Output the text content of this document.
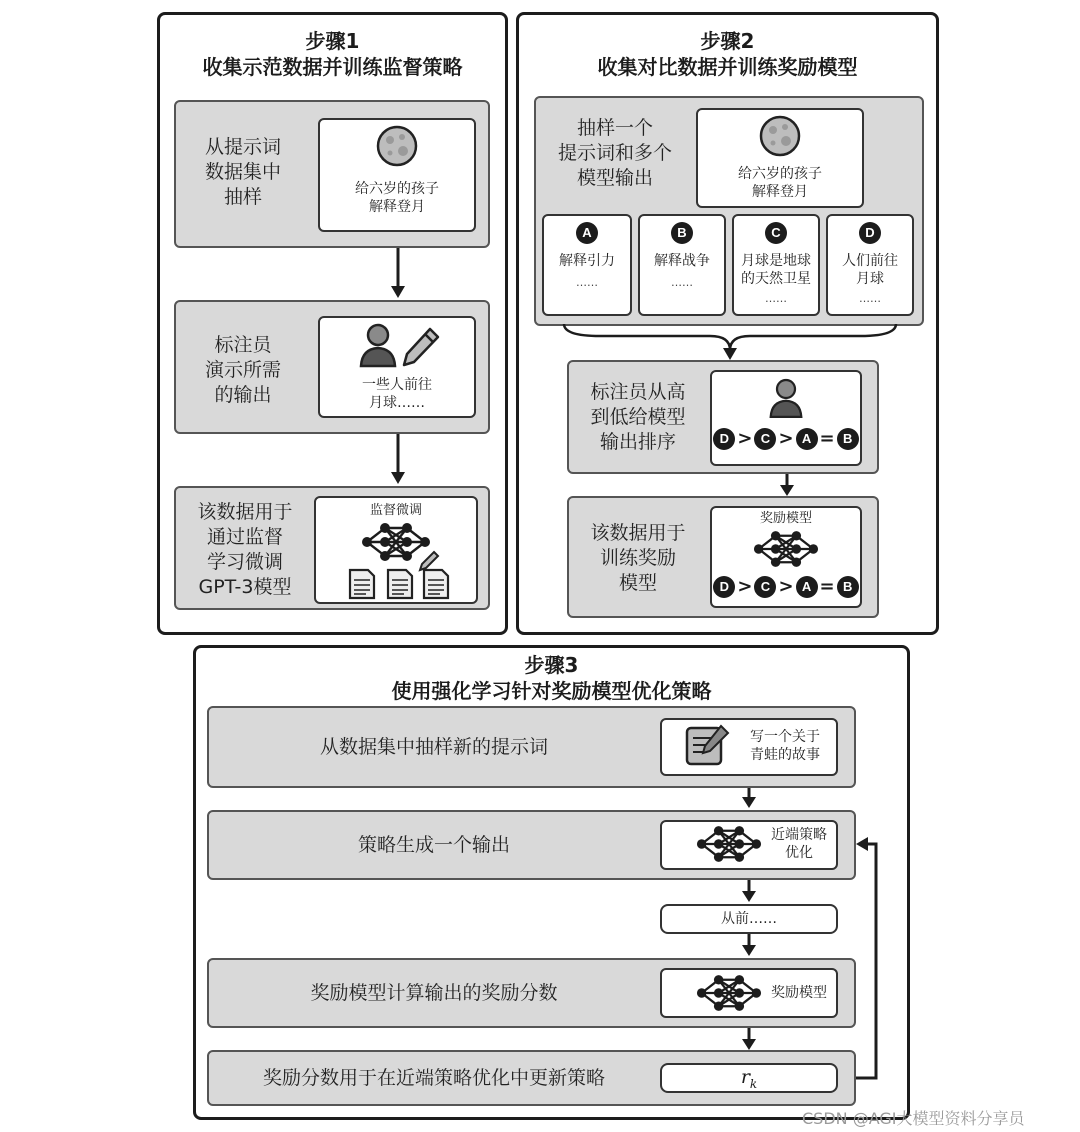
步骤1
收集示范数据并训练监督策略
从提示词
数据集中
抽样	给六岁的孩子
解释登月
标注员
演示所需
的输出	一些人前往
月球……
该数据用于
通过监督
学习微调
GPT-3模型
监督微调
步骤2
收集对比数据并训练奖励模型
抽样一个
提示词和多个
模型输出	给六岁的孩子
解释登月
A
解释引力
……
B
解释战争
……
C
月球是地球
的天然卫星
……
D
人们前往
月球
……
标注员从高
到低给模型
输出排序	D > C > A = B
该数据用于
训练奖励
模型
奖励模型
D > C > A = B
步骤3
使用强化学习针对奖励模型优化策略
从数据集中抽样新的提示词	写一个关于
青蛙的故事
策略生成一个输出	近端策略
优化
从前……
奖励模型计算输出的奖励分数	奖励模型
奖励分数用于在近端策略优化中更新策略	$r_k$
CSDN @AGI大模型资料分享员
